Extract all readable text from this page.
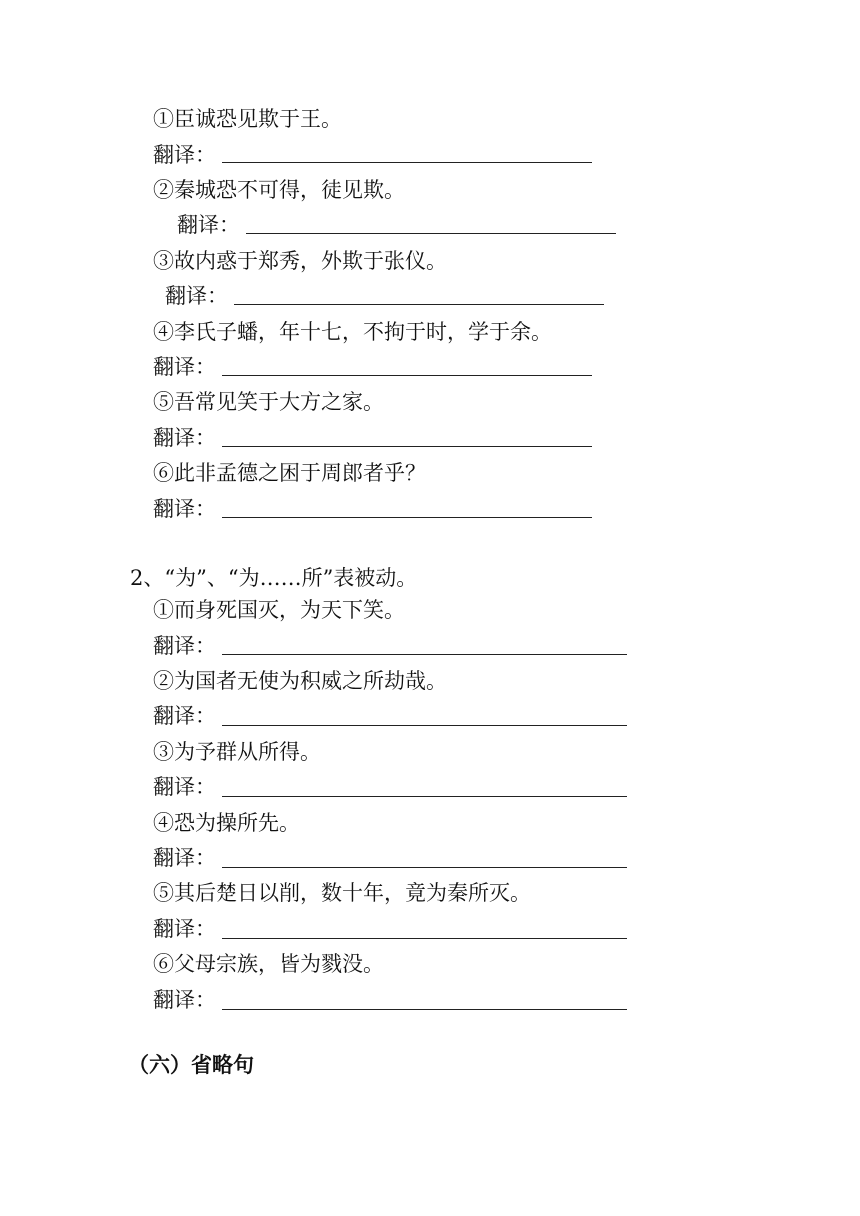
①臣诚恐见欺于王。
翻译：
②秦城恐不可得，徒见欺。
翻译：
③故内惑于郑秀，外欺于张仪。
翻译：
④李氏子蟠，年十七，不拘于时，学于余。
翻译：
⑤吾常见笑于大方之家。
翻译：
⑥此非孟德之困于周郎者乎？
翻译：
2、“为”、“为……所”表被动。
①而身死国灭，为天下笑。
翻译：
②为国者无使为积威之所劫哉。
翻译：
③为予群从所得。
翻译：
④恐为操所先。
翻译：
⑤其后楚日以削，数十年，竟为秦所灭。
翻译：
⑥父母宗族，皆为戮没。
翻译：
（六）省略句
